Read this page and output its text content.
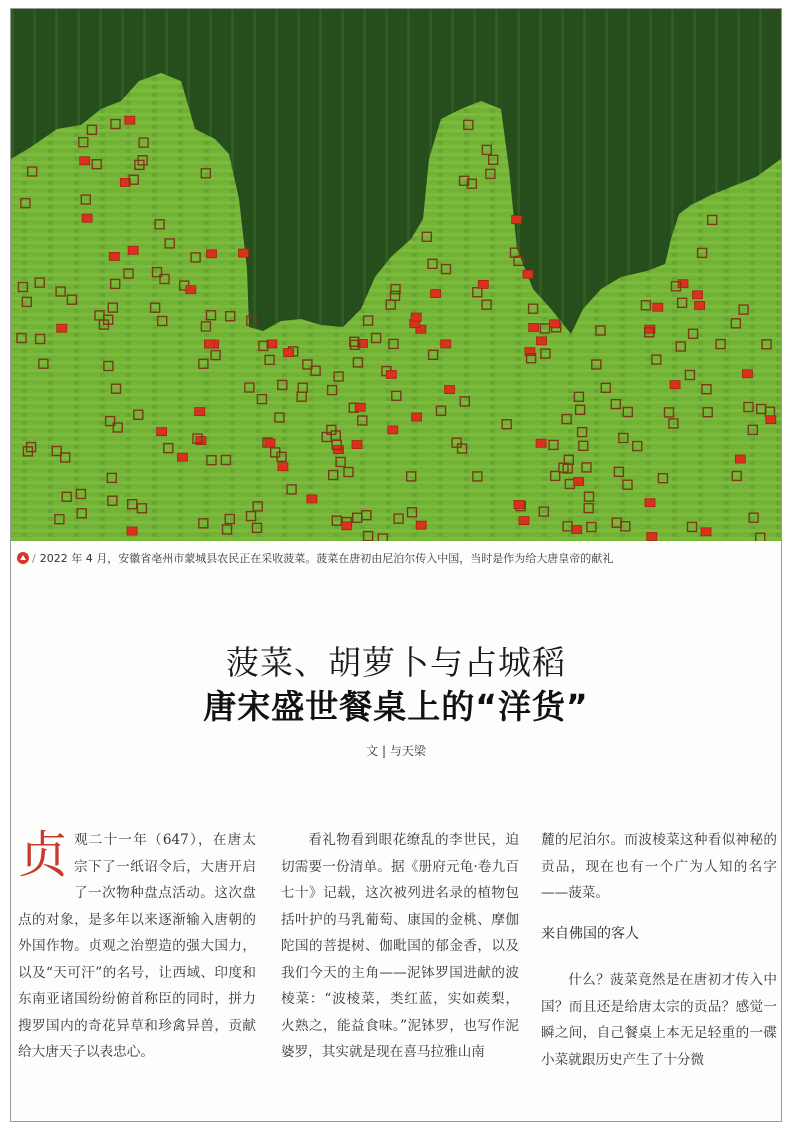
/ 2022 年 4 月，安徽省亳州市蒙城县农民正在采收菠菜。菠菜在唐初由尼泊尔传入中国，当时是作为给大唐皇帝的献礼
菠菜、胡萝卜与占城稻
唐宋盛世餐桌上的“洋货”
文 | 与天梁

贞观二十一年（647），在唐太宗下了一纸诏令后，大唐开启了一次物种盘点活动。这次盘点的对象，是多年以来逐渐输入唐朝的外国作物。贞观之治塑造的强大国力，以及“天可汗”的名号，让西域、印度和东南亚诸国纷纷俯首称臣的同时，拼力搜罗国内的奇花异草和珍禽异兽，贡献给大唐天子以表忠心。

看礼物看到眼花缭乱的李世民，迫切需要一份清单。据《册府元龟·卷九百七十》记载，这次被列进名录的植物包括叶护的马乳葡萄、康国的金桃、摩伽陀国的菩提树、伽毗国的郁金香，以及我们今天的主角——泥钵罗国进献的波棱菜：“波棱菜，类红蓝，实如蒺梨，火熟之，能益食味。”泥钵罗，也写作泥婆罗，其实就是现在喜马拉雅山南

麓的尼泊尔。而波棱菜这种看似神秘的贡品，现在也有一个广为人知的名字——菠菜。

来自佛国的客人

什么？菠菜竟然是在唐初才传入中国？而且还是给唐太宗的贡品？感觉一瞬之间，自己餐桌上本无足轻重的一碟小菜就跟历史产生了十分微
